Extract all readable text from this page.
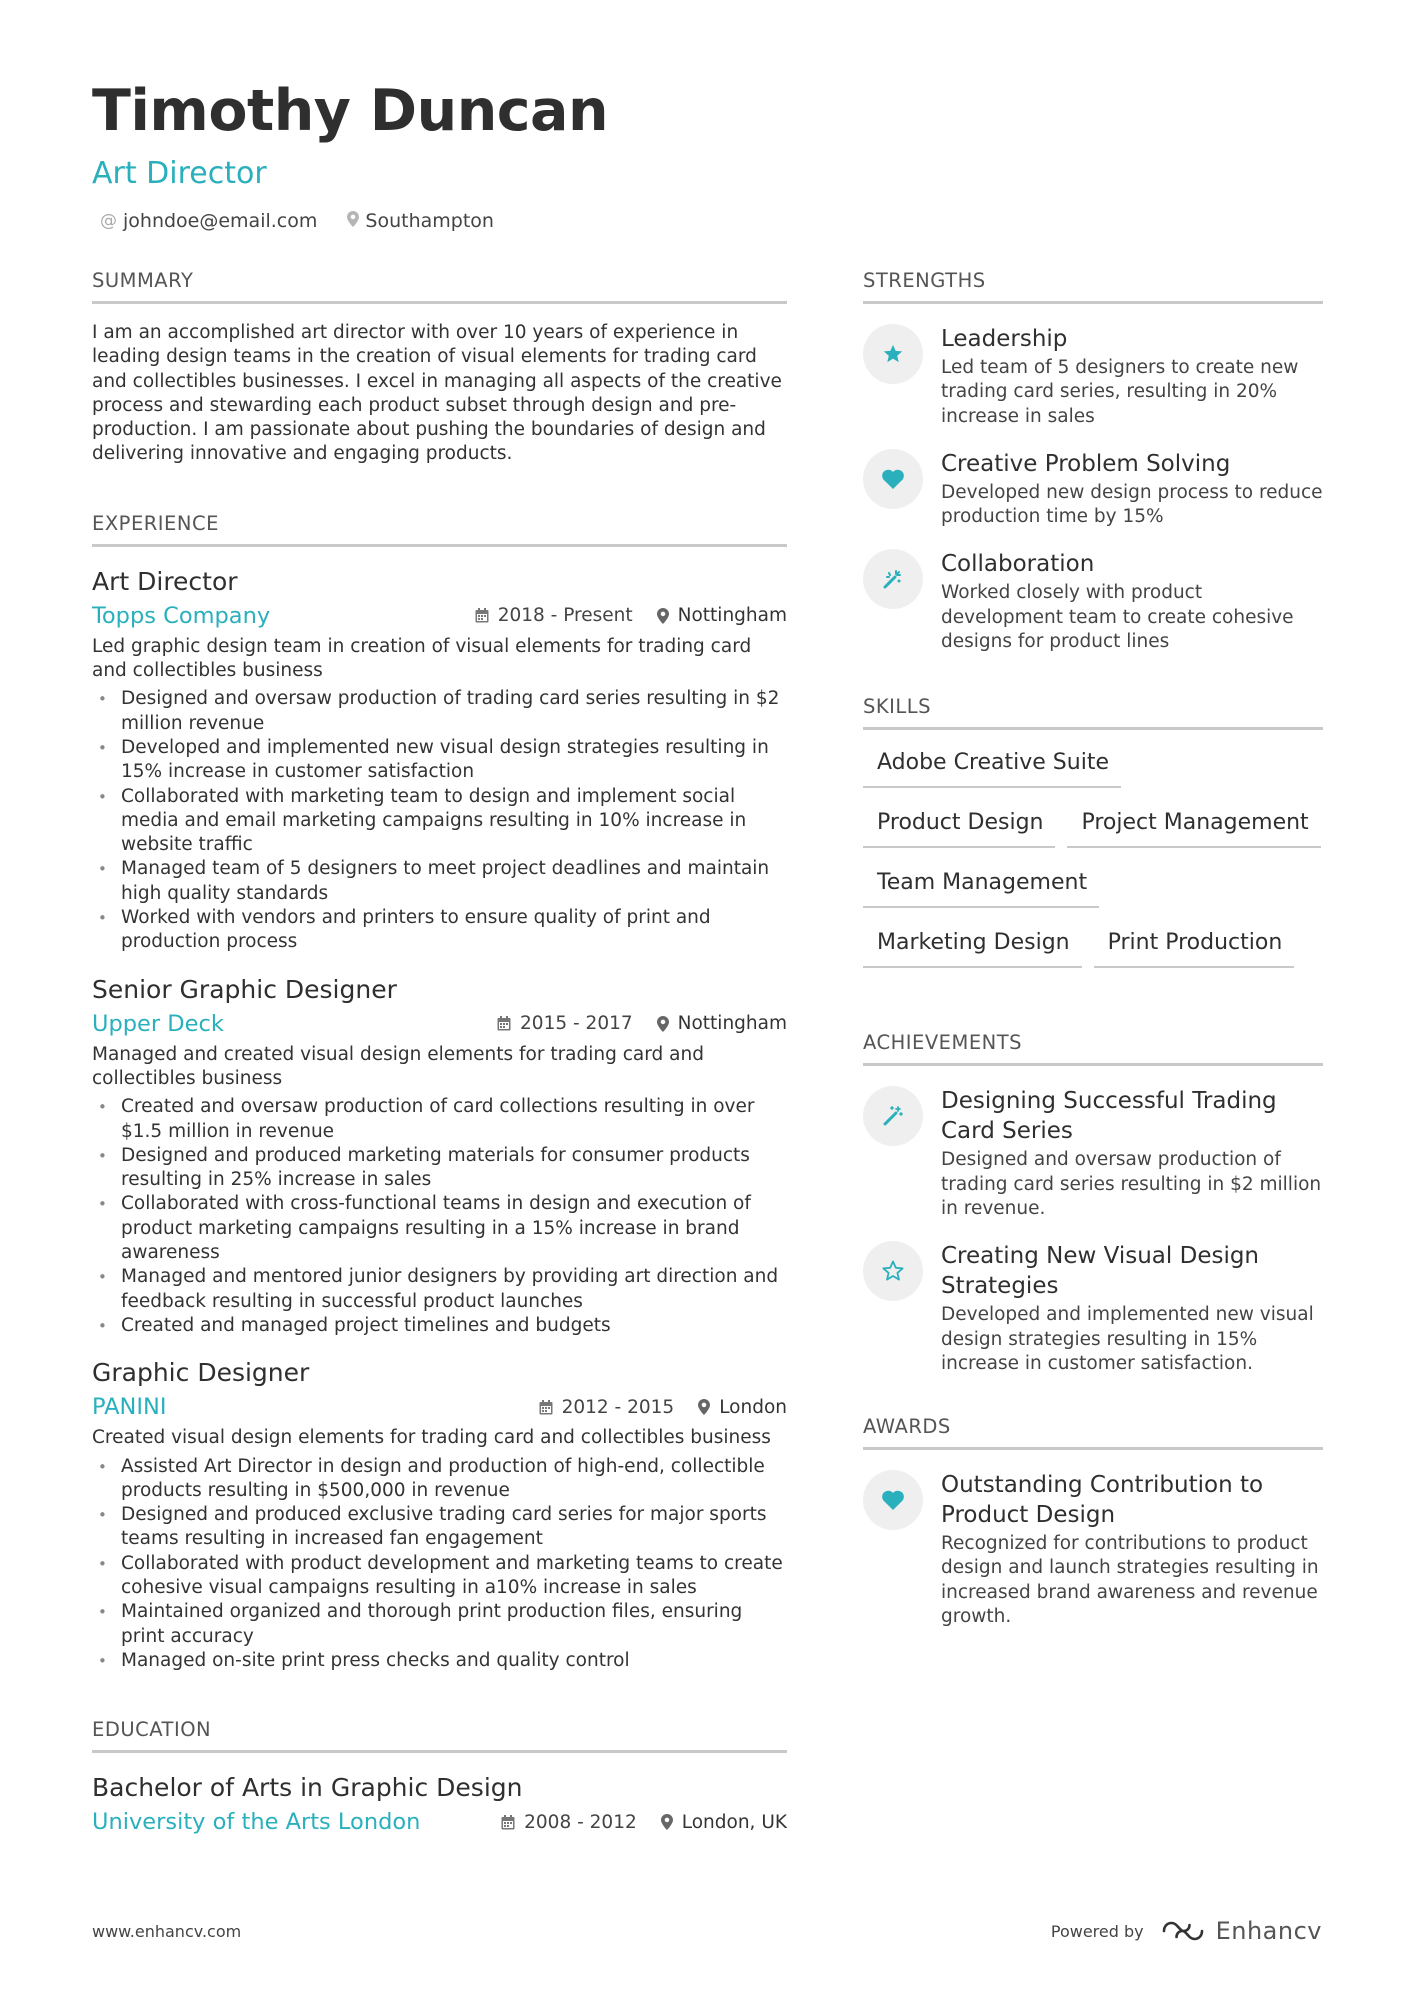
Timothy Duncan
Art Director
@ johndoe@email.com	Southampton
SUMMARY
I am an accomplished art director with over 10 years of experience in leading design teams in the creation of visual elements for trading card and collectibles businesses. I excel in managing all aspects of the creative process and stewarding each product subset through design and pre-production. I am passionate about pushing the boundaries of design and delivering innovative and engaging products.
EXPERIENCE
Art Director
Topps Company	2018 - Present Nottingham
Led graphic design team in creation of visual elements for trading card and collectibles business
• Designed and oversaw production of trading card series resulting in $2 million revenue
• Developed and implemented new visual design strategies resulting in 15% increase in customer satisfaction
• Collaborated with marketing team to design and implement social media and email marketing campaigns resulting in 10% increase in website traffic
• Managed team of 5 designers to meet project deadlines and maintain high quality standards
• Worked with vendors and printers to ensure quality of print and production process
Senior Graphic Designer
Upper Deck	2015 - 2017 Nottingham
Managed and created visual design elements for trading card and collectibles business
• Created and oversaw production of card collections resulting in over $1.5 million in revenue
• Designed and produced marketing materials for consumer products resulting in 25% increase in sales
• Collaborated with cross-functional teams in design and execution of product marketing campaigns resulting in a 15% increase in brand awareness
• Managed and mentored junior designers by providing art direction and feedback resulting in successful product launches
• Created and managed project timelines and budgets
Graphic Designer
PANINI	2012 - 2015 London
Created visual design elements for trading card and collectibles business
• Assisted Art Director in design and production of high-end, collectible products resulting in $500,000 in revenue
• Designed and produced exclusive trading card series for major sports teams resulting in increased fan engagement
• Collaborated with product development and marketing teams to create cohesive visual campaigns resulting in a10% increase in sales
• Maintained organized and thorough print production files, ensuring print accuracy
• Managed on-site print press checks and quality control
EDUCATION
Bachelor of Arts in Graphic Design
University of the Arts London	2008 - 2012 London, UK
STRENGTHS
Leadership
Led team of 5 designers to create new trading card series, resulting in 20% increase in sales
Creative Problem Solving
Developed new design process to reduce production time by 15%
Collaboration
Worked closely with product development team to create cohesive designs for product lines
SKILLS
Adobe Creative Suite
Product Design	Project Management
Team Management
Marketing Design	Print Production
ACHIEVEMENTS
Designing Successful Trading Card Series
Designed and oversaw production of trading card series resulting in $2 million in revenue.
Creating New Visual Design Strategies
Developed and implemented new visual design strategies resulting in 15% increase in customer satisfaction.
AWARDS
Outstanding Contribution to Product Design
Recognized for contributions to product design and launch strategies resulting in increased brand awareness and revenue growth.
www.enhancv.com	Powered by	Enhancv
